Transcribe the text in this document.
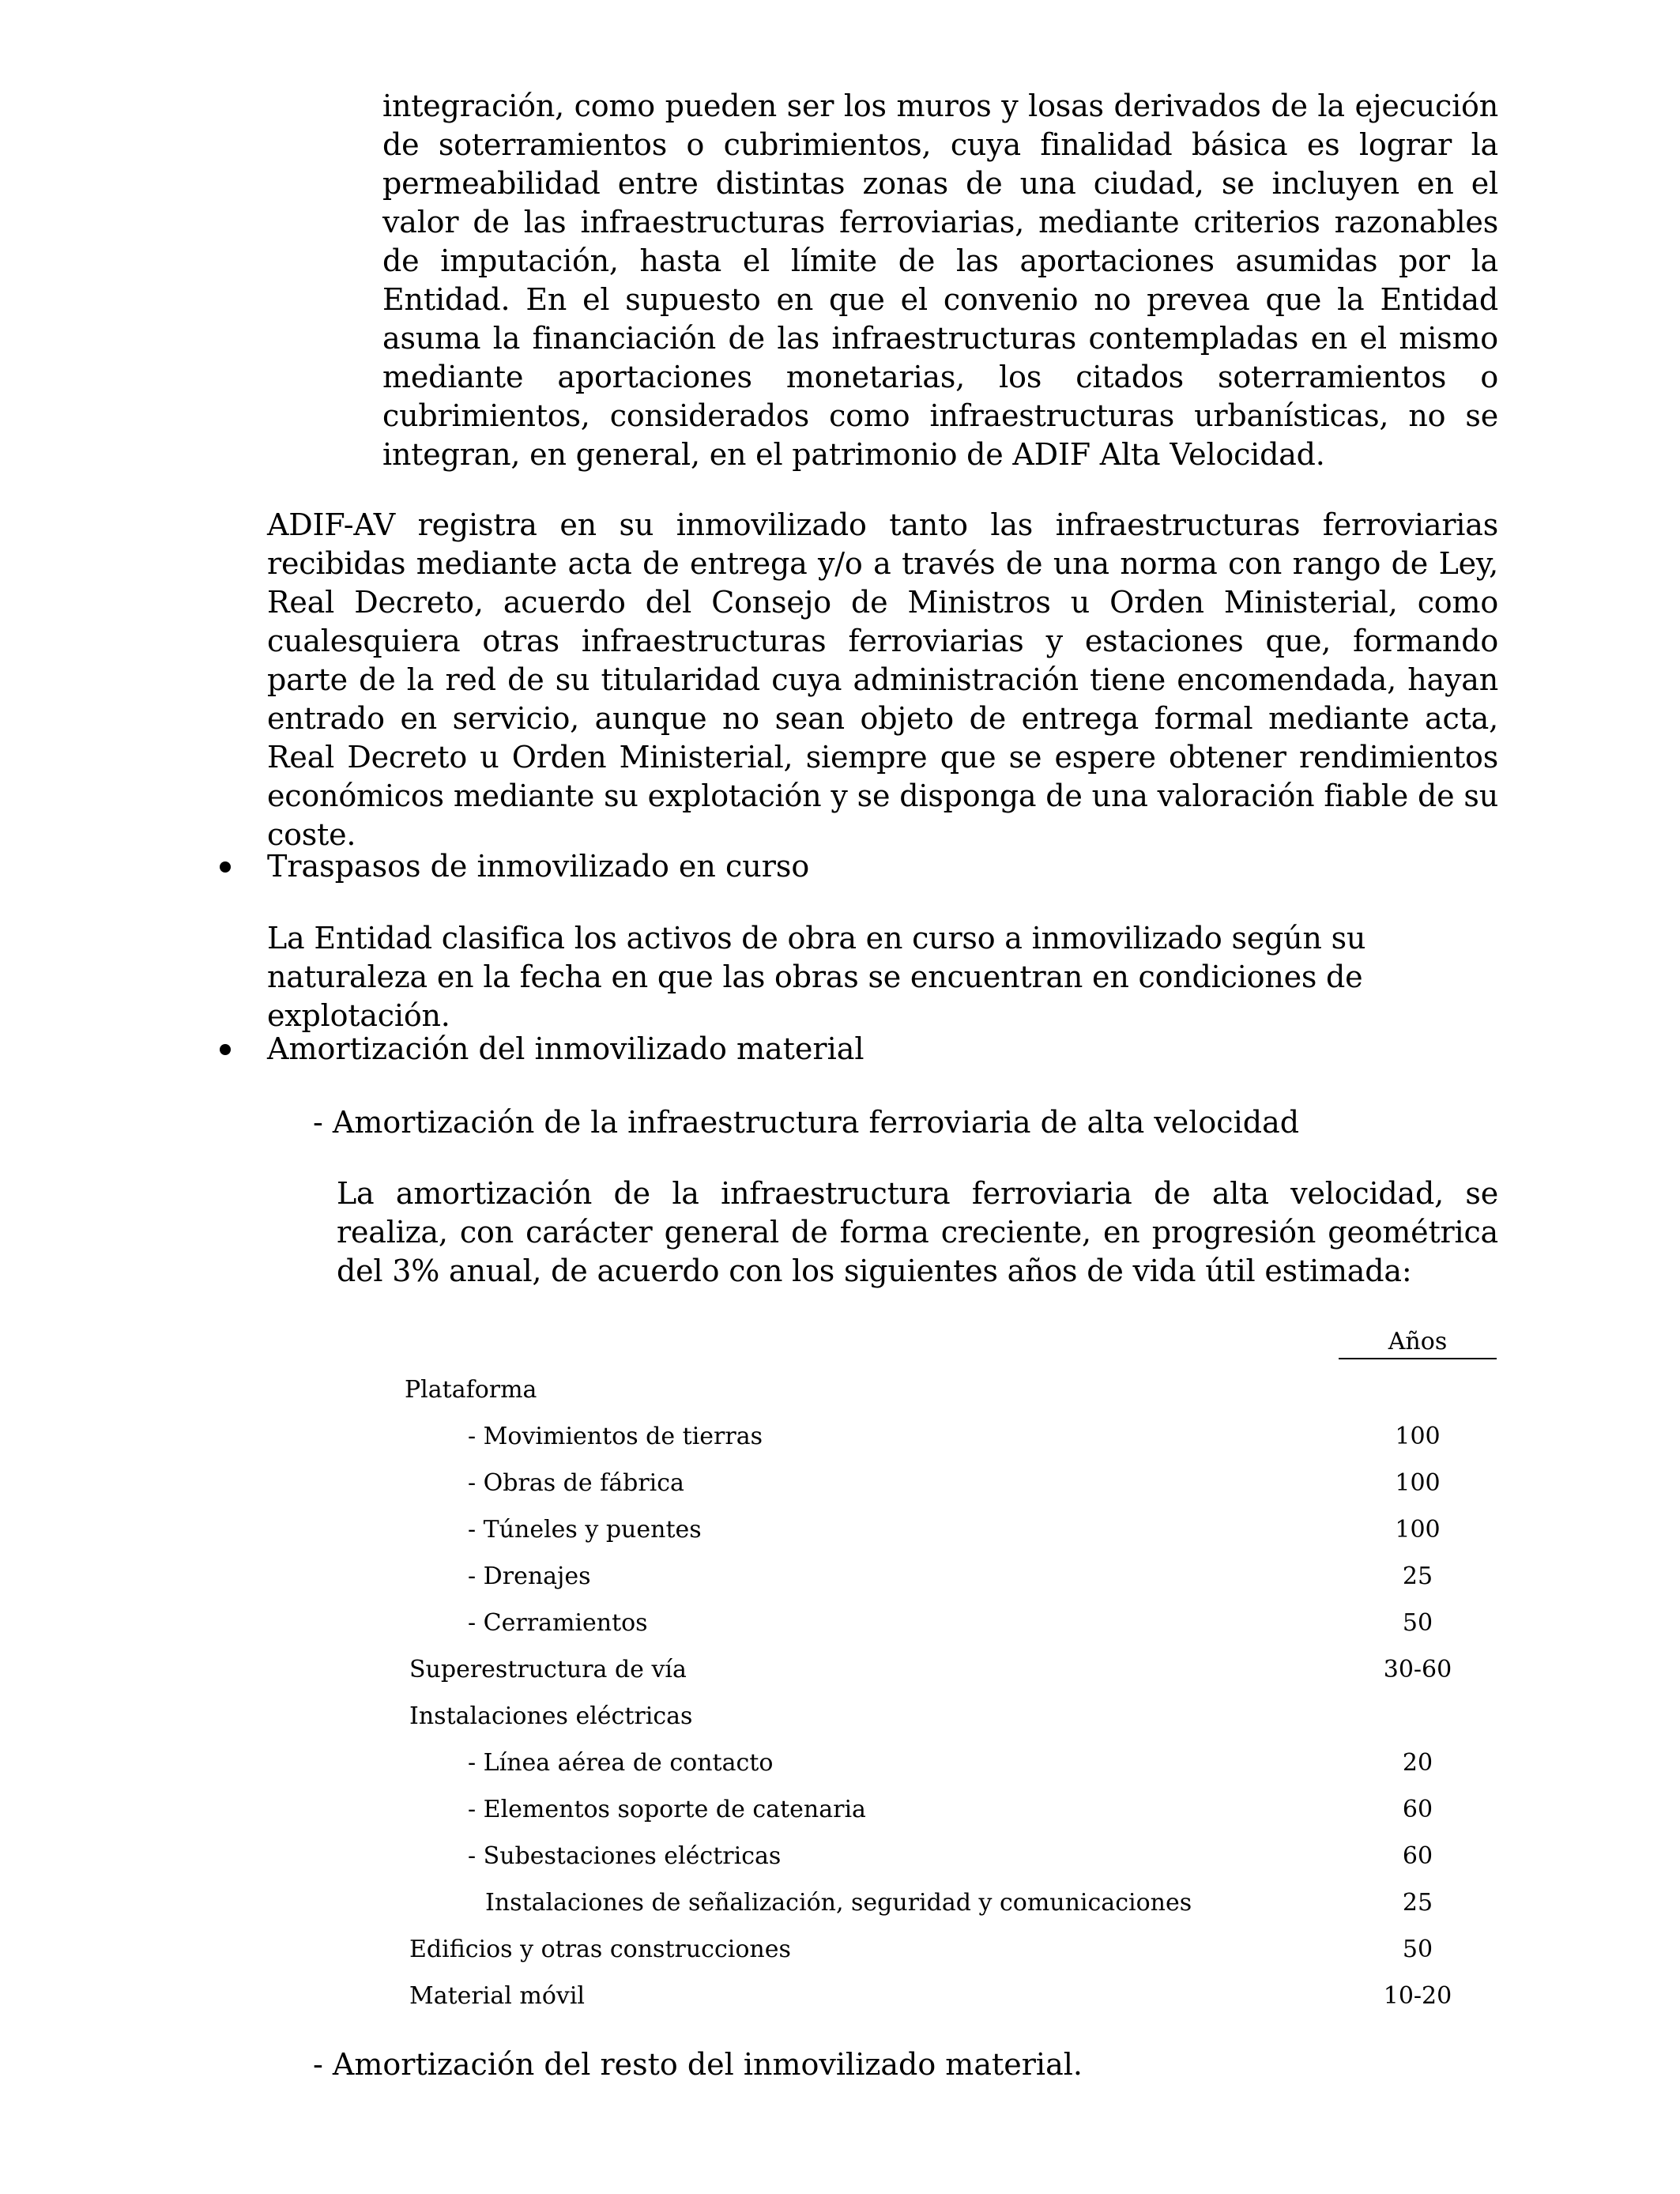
integración, como pueden ser los muros y losas derivados de la ejecución de soterramientos o cubrimientos, cuya finalidad básica es lograr la permeabilidad entre distintas zonas de una ciudad, se incluyen en el valor de las infraestructuras ferroviarias, mediante criterios razonables de imputación, hasta el límite de las aportaciones asumidas por la Entidad. En el supuesto en que el convenio no prevea que la Entidad asuma la financiación de las infraestructuras contempladas en el mismo mediante aportaciones monetarias, los citados soterramientos o cubrimientos, considerados como infraestructuras urbanísticas, no se integran, en general, en el patrimonio de ADIF Alta Velocidad.

ADIF-AV registra en su inmovilizado tanto las infraestructuras ferroviarias recibidas mediante acta de entrega y/o a través de una norma con rango de Ley, Real Decreto, acuerdo del Consejo de Ministros u Orden Ministerial, como cualesquiera otras infraestructuras ferroviarias y estaciones que, formando parte de la red de su titularidad cuya administración tiene encomendada, hayan entrado en servicio, aunque no sean objeto de entrega formal mediante acta, Real Decreto u Orden Ministerial, siempre que se espere obtener rendimientos económicos mediante su explotación y se disponga de una valoración fiable de su coste.

Traspasos de inmovilizado en curso

La Entidad clasifica los activos de obra en curso a inmovilizado según su naturaleza en la fecha en que las obras se encuentran en condiciones de explotación.

Amortización del inmovilizado material
- Amortización de la infraestructura ferroviaria de alta velocidad

La amortización de la infraestructura ferroviaria de alta velocidad, se realiza, con carácter general de forma creciente, en progresión geométrica del 3% anual, de acuerdo con los siguientes años de vida útil estimada:

Años
Plataforma
- Movimientos de tierras	100
- Obras de fábrica	100
- Túneles y puentes	100
- Drenajes	25
- Cerramientos	50
Superestructura de vía	30-60
Instalaciones eléctricas
- Línea aérea de contacto	20
- Elementos soporte de catenaria	60
- Subestaciones eléctricas	60
Instalaciones de señalización, seguridad y comunicaciones	25
Edificios y otras construcciones	50
Material móvil	10-20
- Amortización del resto del inmovilizado material.
